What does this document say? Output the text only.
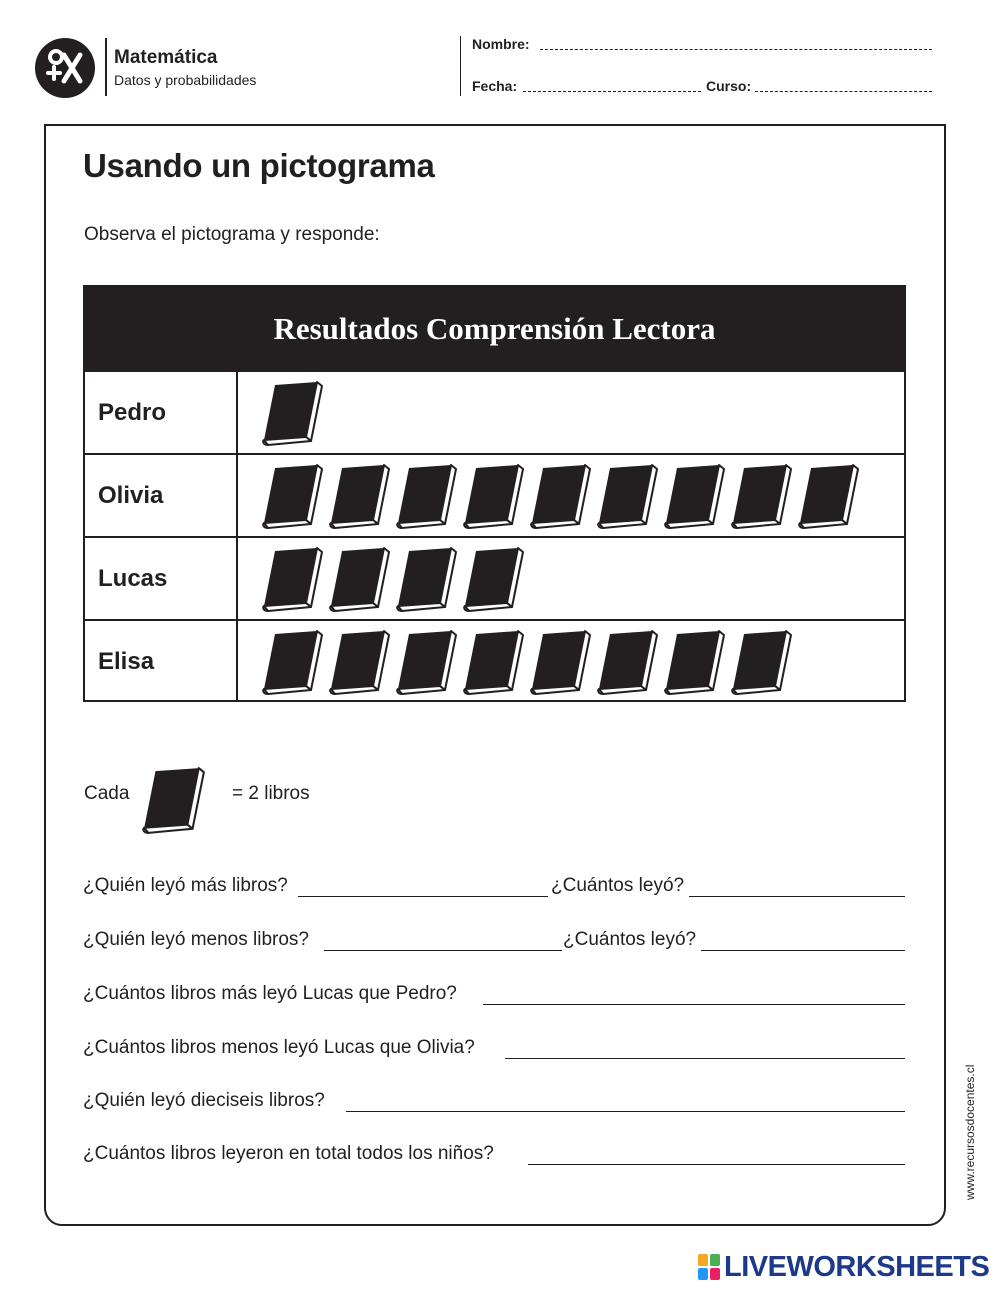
Matemática
Datos y probabilidades
Nombre:
Fecha:	Curso:
Usando un pictograma
Observa el pictograma y responde:
Resultados Comprensión Lectora
Pedro
Olivia
Lucas
Elisa
Cada	= 2 libros
¿Quién leyó más libros?	¿Cuántos leyó?
¿Quién leyó menos libros?	¿Cuántos leyó?
¿Cuántos libros más leyó Lucas que Pedro?
¿Cuántos libros menos leyó Lucas que Olivia?
¿Quién leyó dieciseis libros?
¿Cuántos libros leyeron en total todos los niños?	www.recursosdocentes.cl
LIVEWORKSHEETS
